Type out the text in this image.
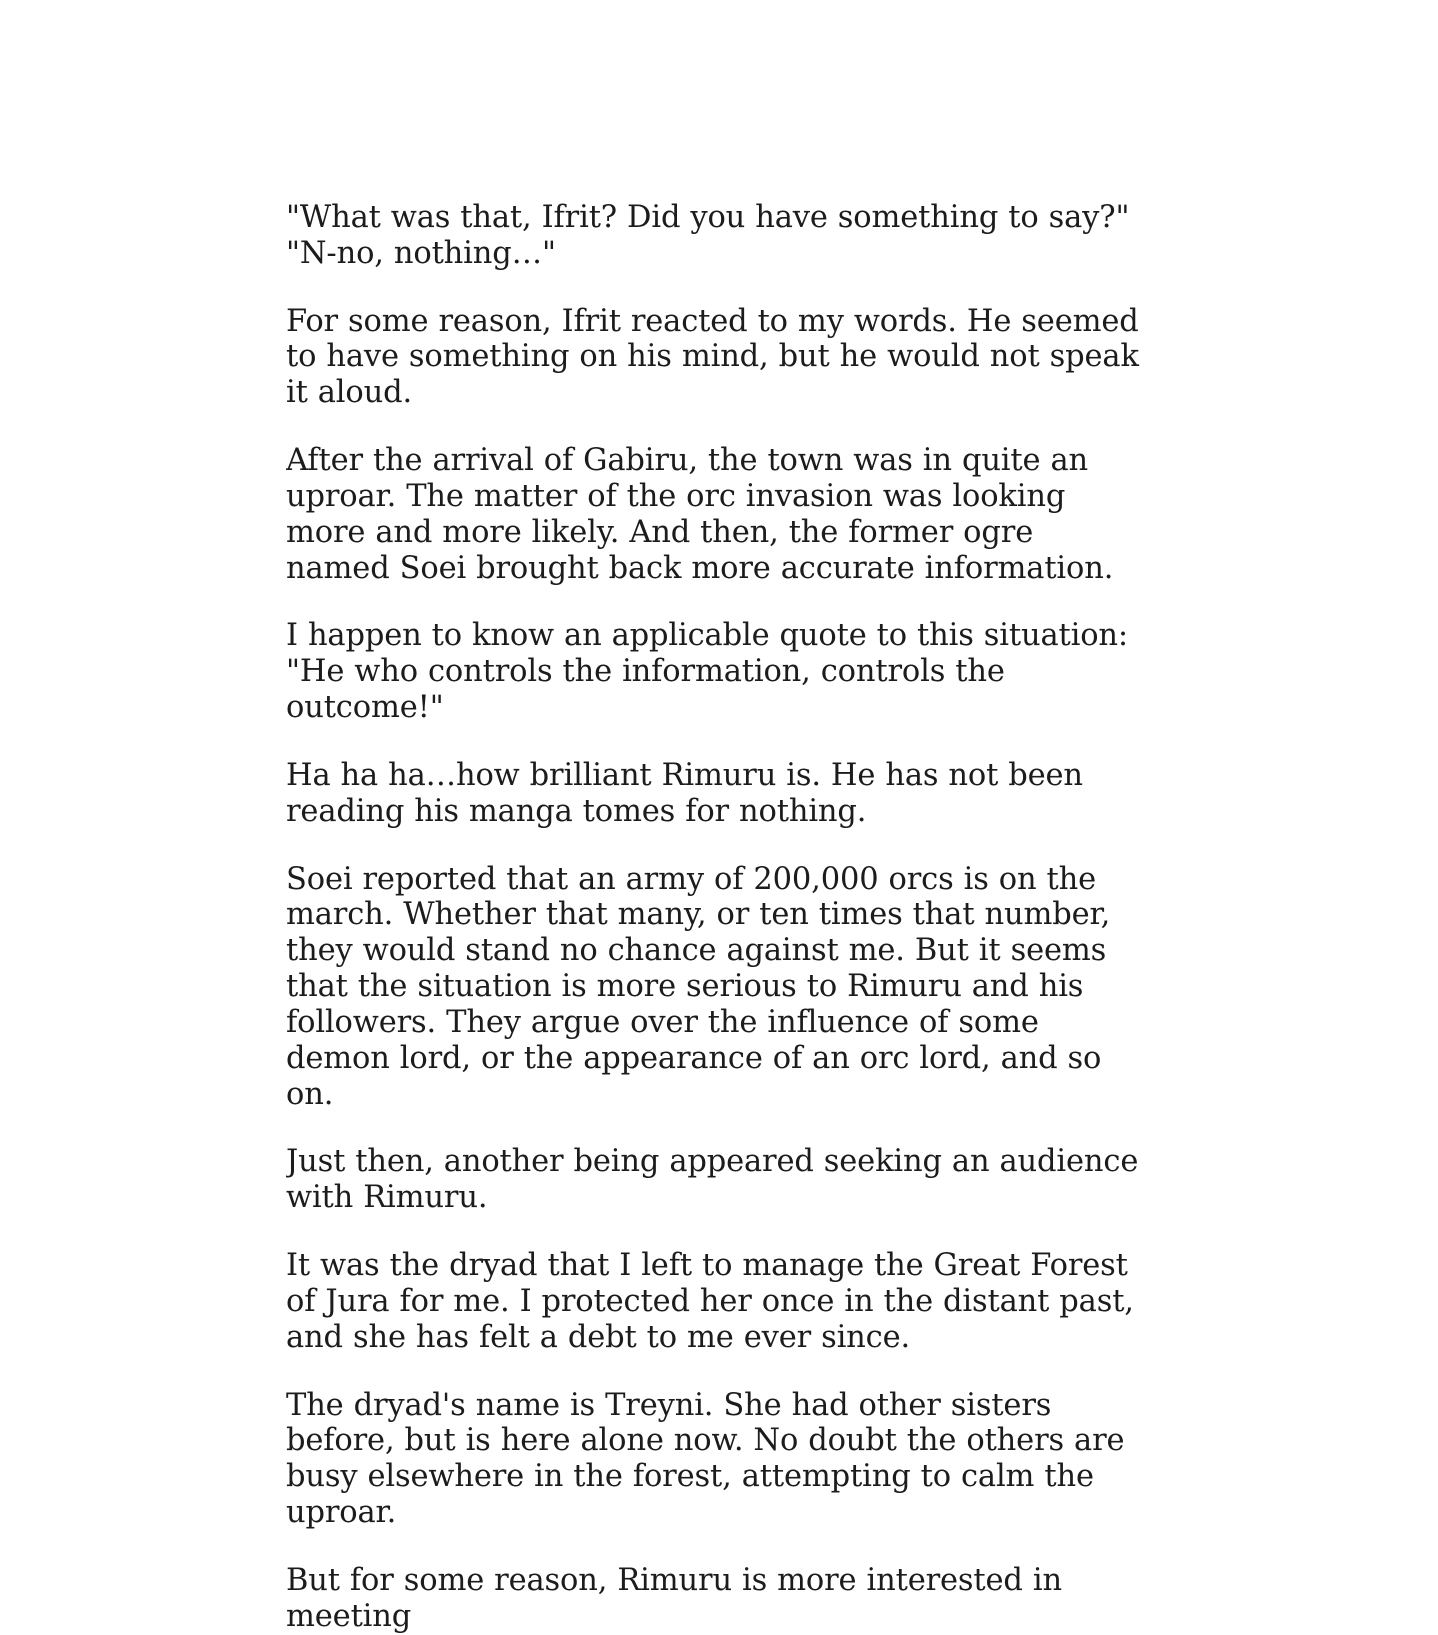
"What was that, Ifrit? Did you have something to say?"

"N-no, nothing…"

For some reason, Ifrit reacted to my words. He seemed to have something on his mind, but he would not speak it aloud.

After the arrival of Gabiru, the town was in quite an uproar. The matter of the orc invasion was looking more and more likely. And then, the former ogre named Soei brought back more accurate information.

I happen to know an applicable quote to this situation: "He who controls the information, controls the outcome!"

Ha ha ha…how brilliant Rimuru is. He has not been reading his manga tomes for nothing.

Soei reported that an army of 200,000 orcs is on the march. Whether that many, or ten times that number, they would stand no chance against me. But it seems that the situation is more serious to Rimuru and his followers. They argue over the influence of some demon lord, or the appearance of an orc lord, and so on.

Just then, another being appeared seeking an audience with Rimuru.

It was the dryad that I left to manage the Great Forest of Jura for me. I protected her once in the distant past, and she has felt a debt to me ever since.

The dryad's name is Treyni. She had other sisters before, but is here alone now. No doubt the others are busy elsewhere in the forest, attempting to calm the uproar.

But for some reason, Rimuru is more interested in meeting
